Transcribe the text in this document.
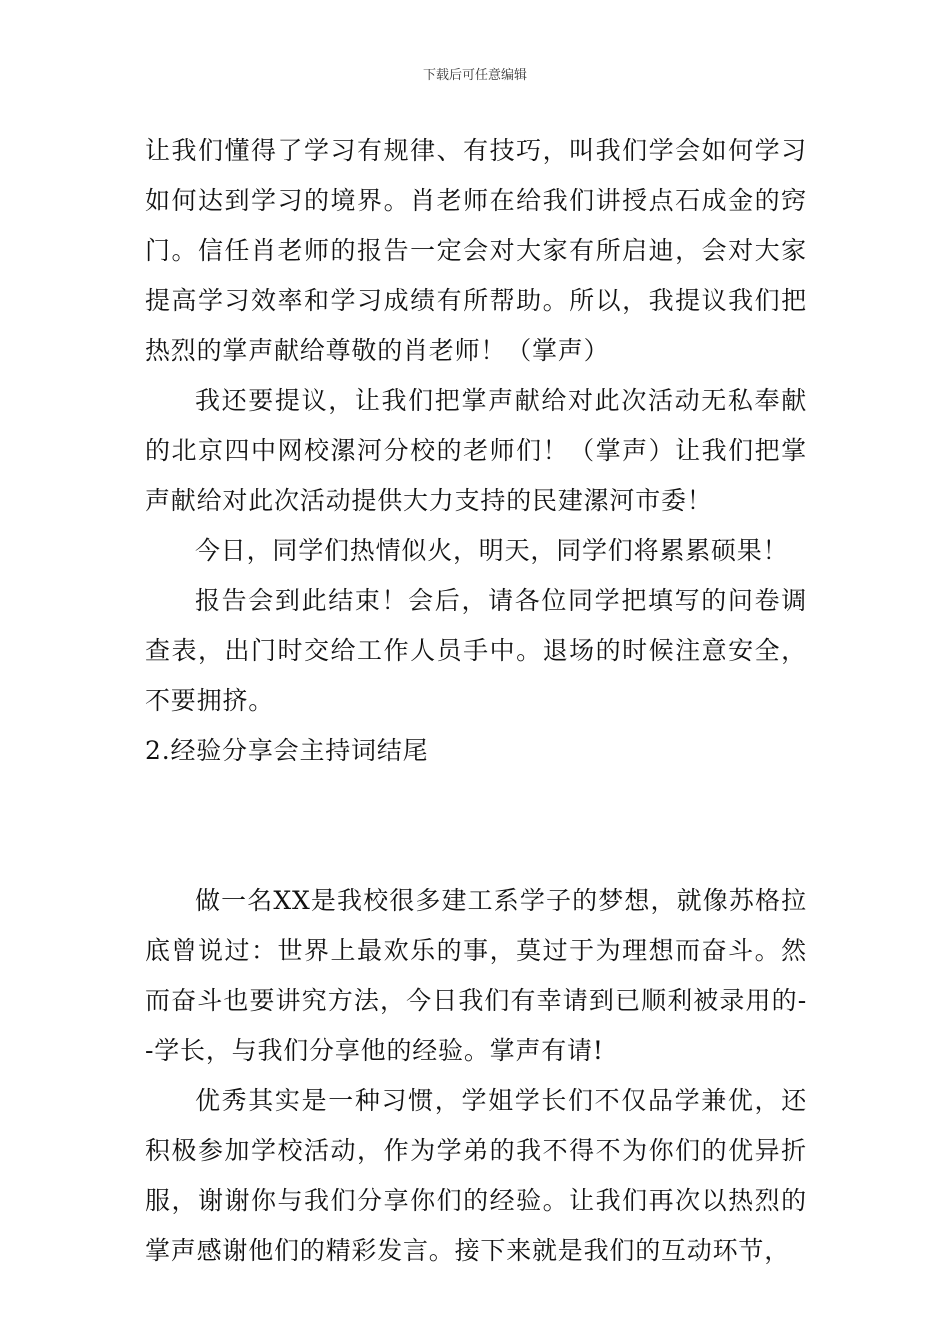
下载后可任意编辑

让我们懂得了学习有规律、有技巧，叫我们学会如何学习如何达到学习的境界。肖老师在给我们讲授点石成金的窍门。信任肖老师的报告一定会对大家有所启迪，会对大家提高学习效率和学习成绩有所帮助。所以，我提议我们把热烈的掌声献给尊敬的肖老师！（掌声）

我还要提议，让我们把掌声献给对此次活动无私奉献的北京四中网校漯河分校的老师们！（掌声）让我们把掌声献给对此次活动提供大力支持的民建漯河市委！

今日，同学们热情似火，明天，同学们将累累硕果！

报告会到此结束！会后，请各位同学把填写的问卷调查表，出门时交给工作人员手中。退场的时候注意安全，不要拥挤。

2.经验分享会主持词结尾

做一名XX是我校很多建工系学子的梦想，就像苏格拉底曾说过：世界上最欢乐的事，莫过于为理想而奋斗。然而奋斗也要讲究方法，今日我们有幸请到已顺利被录用的--学长，与我们分享他的经验。掌声有请!

优秀其实是一种习惯，学姐学长们不仅品学兼优，还积极参加学校活动，作为学弟的我不得不为你们的优异折服，谢谢你与我们分享你们的经验。让我们再次以热烈的掌声感谢他们的精彩发言。接下来就是我们的互动环节，
